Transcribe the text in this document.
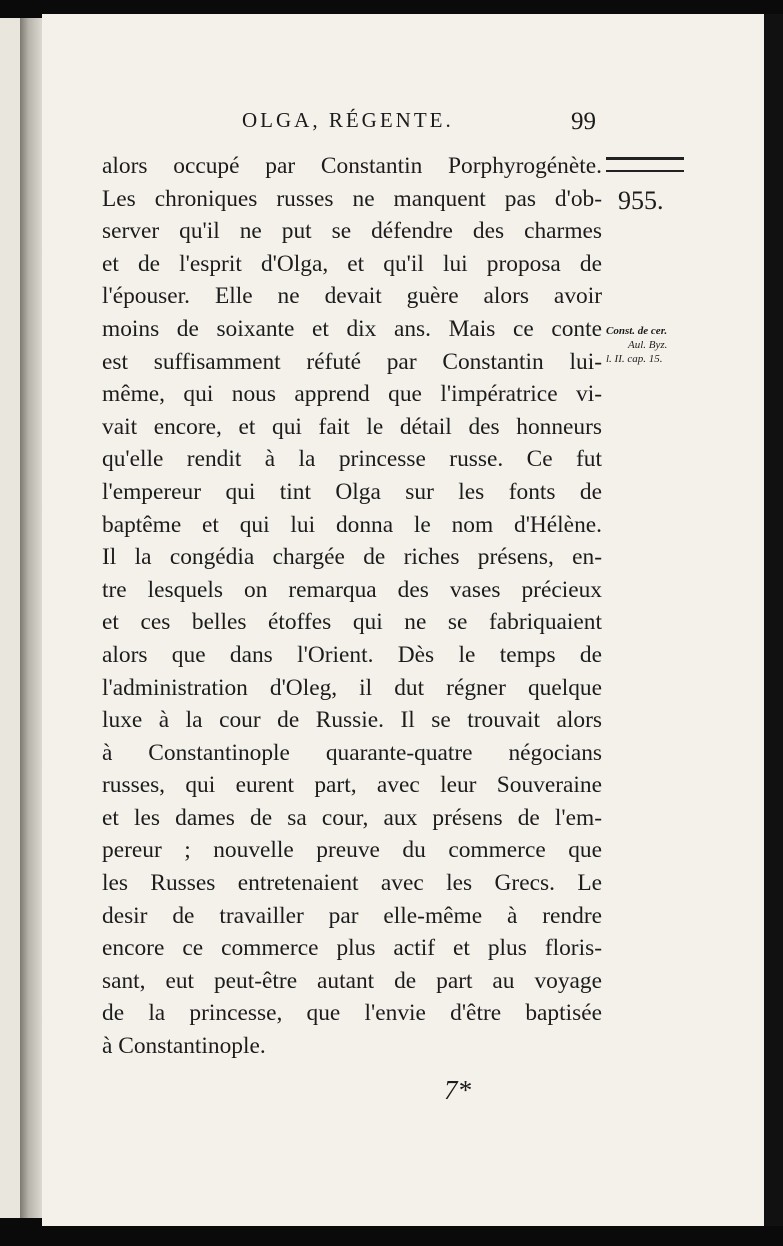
OLGA, RÉGENTE.	99
955.
Const. de cer.
Aul. Byz.
l. II. cap. 15.
alors occupé par Constantin Porphyrogénète.
Les chroniques russes ne manquent pas d'ob-
server qu'il ne put se défendre des charmes
et de l'esprit d'Olga, et qu'il lui proposa de
l'épouser. Elle ne devait guère alors avoir
moins de soixante et dix ans. Mais ce conte
est suffisamment réfuté par Constantin lui-
même, qui nous apprend que l'impératrice vi-
vait encore, et qui fait le détail des honneurs
qu'elle rendit à la princesse russe. Ce fut
l'empereur qui tint Olga sur les fonts de
baptême et qui lui donna le nom d'Hélène.
Il la congédia chargée de riches présens, en-
tre lesquels on remarqua des vases précieux
et ces belles étoffes qui ne se fabriquaient
alors que dans l'Orient. Dès le temps de
l'administration d'Oleg, il dut régner quelque
luxe à la cour de Russie. Il se trouvait alors
à Constantinople quarante-quatre négocians
russes, qui eurent part, avec leur Souveraine
et les dames de sa cour, aux présens de l'em-
pereur ; nouvelle preuve du commerce que
les Russes entretenaient avec les Grecs. Le
desir de travailler par elle-même à rendre
encore ce commerce plus actif et plus floris-
sant, eut peut-être autant de part au voyage
de la princesse, que l'envie d'être baptisée
à Constantinople.
7*
